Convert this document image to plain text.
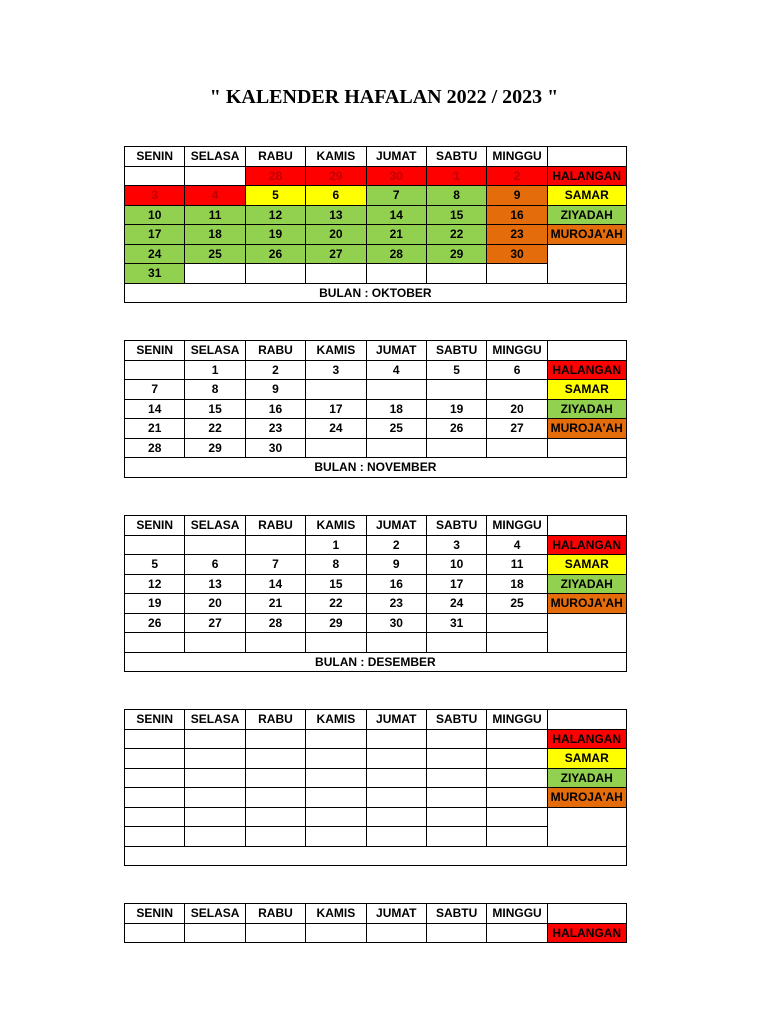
" KALENDER HAFALAN 2022 / 2023 "
SENIN	SELASA	RABU	KAMIS	JUMAT	SABTU	MINGGU	
		28	29	30	1	2	HALANGAN
3	4	5	6	7	8	9	SAMAR
10	11	12	13	14	15	16	ZIYADAH
17	18	19	20	21	22	23	MUROJA'AH
24	25	26	27	28	29	30	
31							
BULAN : OKTOBER							
SENIN	SELASA	RABU	KAMIS	JUMAT	SABTU	MINGGU	
	1	2	3	4	5	6	HALANGAN
7	8	9					SAMAR
14	15	16	17	18	19	20	ZIYADAH
21	22	23	24	25	26	27	MUROJA'AH
28	29	30					
BULAN : NOVEMBER							
SENIN	SELASA	RABU	KAMIS	JUMAT	SABTU	MINGGU	
			1	2	3	4	HALANGAN
5	6	7	8	9	10	11	SAMAR
12	13	14	15	16	17	18	ZIYADAH
19	20	21	22	23	24	25	MUROJA'AH
26	27	28	29	30	31		

BULAN : DESEMBER							
SENIN	SELASA	RABU	KAMIS	JUMAT	SABTU	MINGGU	
							HALANGAN
							SAMAR
							ZIYADAH
							MUROJA'AH

SENIN	SELASA	RABU	KAMIS	JUMAT	SABTU	MINGGU	
							HALANGAN
